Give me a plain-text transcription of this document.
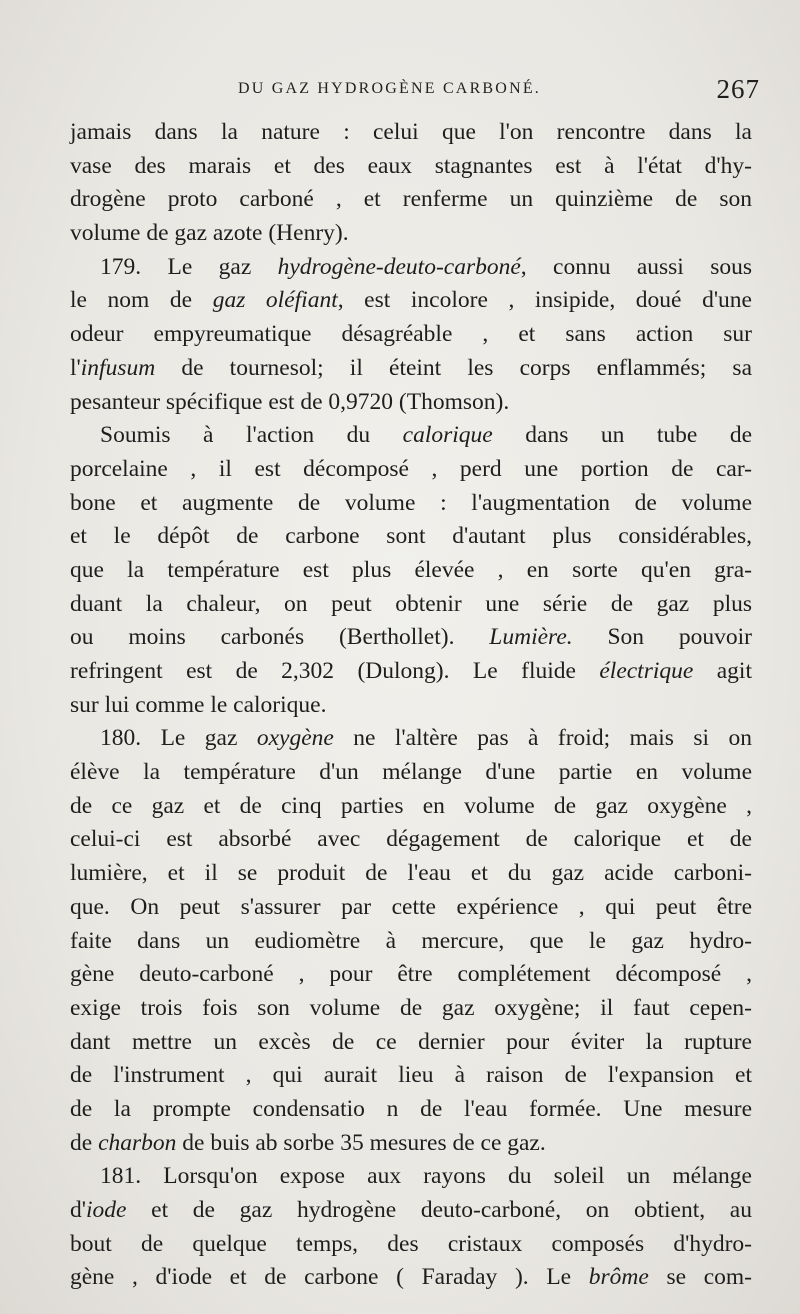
DU GAZ HYDROGÈNE CARBONÉ.	267
jamais dans la nature : celui que l'on rencontre dans la
vase des marais et des eaux stagnantes est à l'état d'hy-
drogène proto carboné , et renferme un quinzième de son
volume de gaz azote (Henry).
179. Le gaz hydrogène-deuto-carboné, connu aussi sous
le nom de gaz oléfiant, est incolore , insipide, doué d'une
odeur empyreumatique désagréable , et sans action sur
l'infusum de tournesol; il éteint les corps enflammés; sa
pesanteur spécifique est de 0,9720 (Thomson).
Soumis à l'action du calorique dans un tube de
porcelaine , il est décomposé , perd une portion de car-
bone et augmente de volume : l'augmentation de volume
et le dépôt de carbone sont d'autant plus considérables,
que la température est plus élevée , en sorte qu'en gra-
duant la chaleur, on peut obtenir une série de gaz plus
ou moins carbonés (Berthollet). Lumière. Son pouvoir
refringent est de 2,302 (Dulong). Le fluide électrique agit
sur lui comme le calorique.
180. Le gaz oxygène ne l'altère pas à froid; mais si on
élève la température d'un mélange d'une partie en volume
de ce gaz et de cinq parties en volume de gaz oxygène ,
celui-ci est absorbé avec dégagement de calorique et de
lumière, et il se produit de l'eau et du gaz acide carboni-
que. On peut s'assurer par cette expérience , qui peut être
faite dans un eudiomètre à mercure, que le gaz hydro-
gène deuto-carboné , pour être complétement décomposé ,
exige trois fois son volume de gaz oxygène; il faut cepen-
dant mettre un excès de ce dernier pour éviter la rupture
de l'instrument , qui aurait lieu à raison de l'expansion et
de la prompte condensatio n de l'eau formée. Une mesure
de charbon de buis ab sorbe 35 mesures de ce gaz.
181. Lorsqu'on expose aux rayons du soleil un mélange
d'iode et de gaz hydrogène deuto-carboné, on obtient, au
bout de quelque temps, des cristaux composés d'hydro-
gène , d'iode et de carbone ( Faraday ). Le brôme se com-
